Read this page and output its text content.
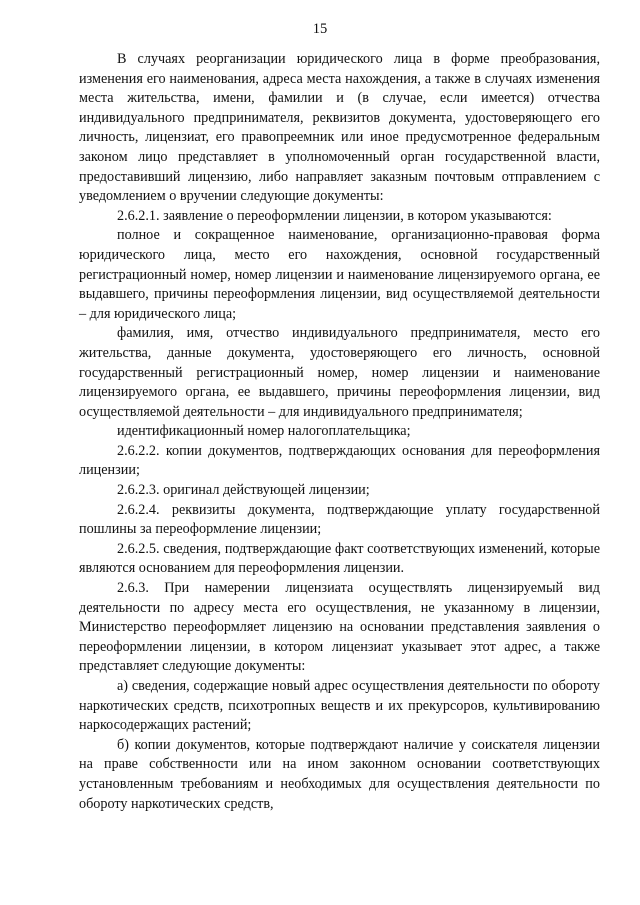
15

В случаях реорганизации юридического лица в форме преобразования, изменения его наименования, адреса места нахождения, а также в случаях изменения места жительства, имени, фамилии и (в случае, если имеется) отчества индивидуального предпринимателя, реквизитов документа, удостоверяющего его личность, лицензиат, его правопреемник или иное предусмотренное федеральным законом лицо представляет в уполномоченный орган государственной власти, предоставивший лицензию, либо направляет заказным почтовым отправлением с уведомлением о вручении следующие документы:

2.6.2.1. заявление о переоформлении лицензии, в котором указываются:

полное и сокращенное наименование, организационно-правовая форма юридического лица, место его нахождения, основной государственный регистрационный номер, номер лицензии и наименование лицензируемого органа, ее выдавшего, причины переоформления лицензии, вид осуществляемой деятельности – для юридического лица;

фамилия, имя, отчество индивидуального предпринимателя, место его жительства, данные документа, удостоверяющего его личность, основной государственный регистрационный номер, номер лицензии и наименование лицензируемого органа, ее выдавшего, причины переоформления лицензии, вид осуществляемой деятельности – для индивидуального предпринимателя;

идентификационный номер налогоплательщика;

2.6.2.2. копии документов, подтверждающих основания для переоформления лицензии;

2.6.2.3. оригинал действующей лицензии;

2.6.2.4. реквизиты документа, подтверждающие уплату государственной пошлины за переоформление лицензии;

2.6.2.5. сведения, подтверждающие факт соответствующих изменений, которые являются основанием для переоформления лицензии.

2.6.3. При намерении лицензиата осуществлять лицензируемый вид деятельности по адресу места его осуществления, не указанному в лицензии, Министерство переоформляет лицензию на основании представления заявления о переоформлении лицензии, в котором лицензиат указывает этот адрес, а также представляет следующие документы:

а) сведения, содержащие новый адрес осуществления деятельности по обороту наркотических средств, психотропных веществ и их прекурсоров, культивированию наркосодержащих растений;

б) копии документов, которые подтверждают наличие у соискателя лицензии на праве собственности или на ином законном основании соответствующих установленным требованиям и необходимых для осуществления деятельности по обороту наркотических средств,
